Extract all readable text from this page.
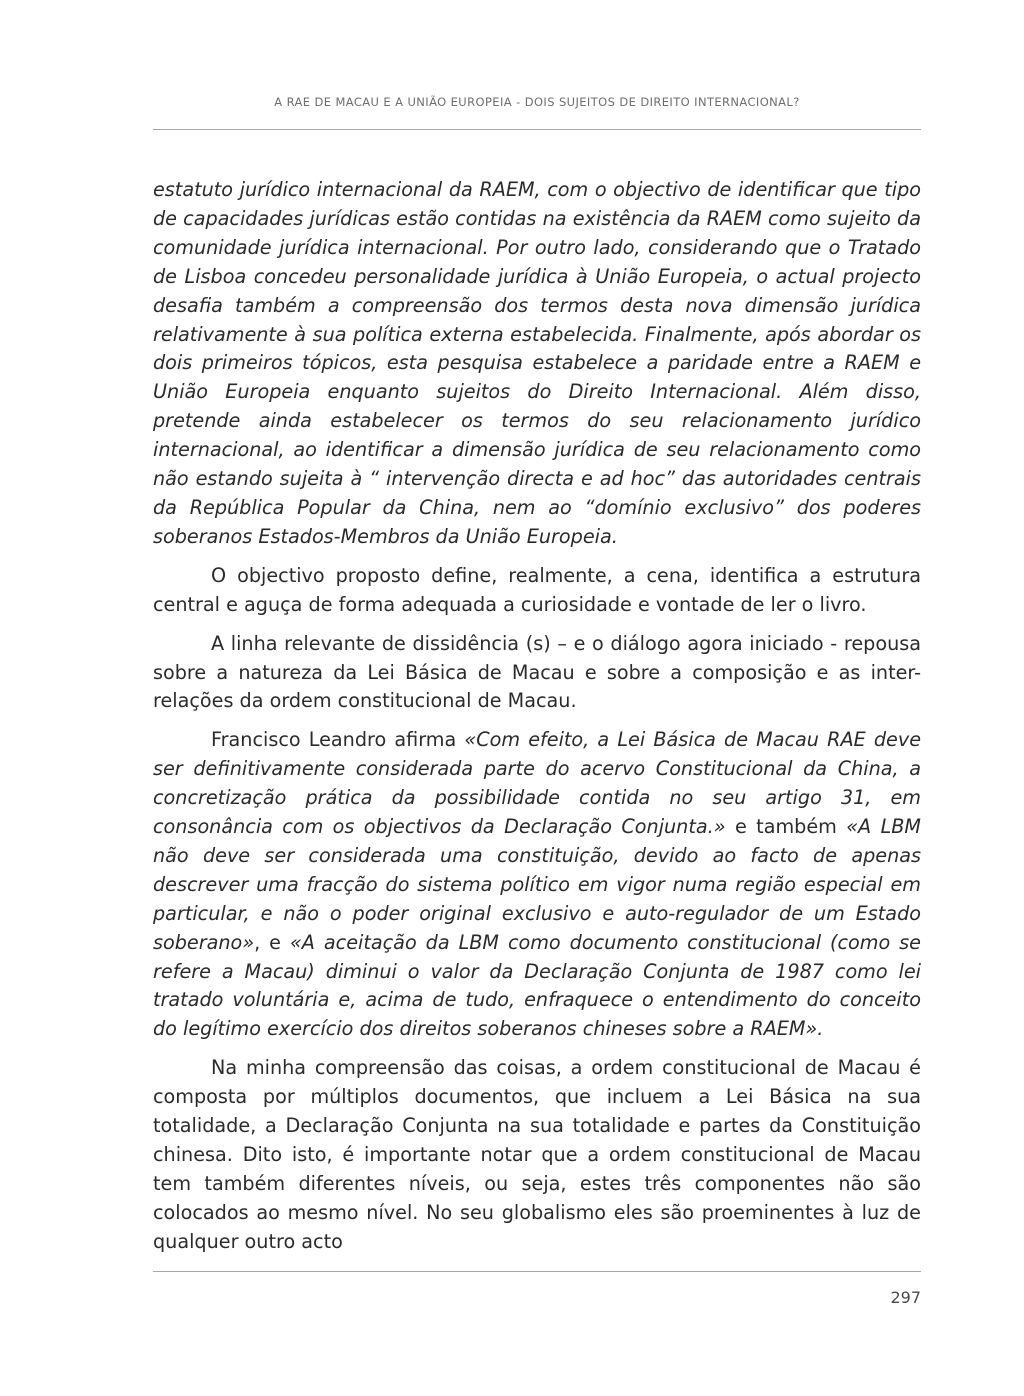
A RAE DE MACAU E A UNIÃO EUROPEIA - DOIS SUJEITOS DE DIREITO INTERNACIONAL?

estatuto jurídico internacional da RAEM, com o objectivo de identificar que tipo de capacidades jurídicas estão contidas na existência da RAEM como sujeito da comunidade jurídica internacional. Por outro lado, considerando que o Tratado de Lisboa concedeu personalidade jurídica à União Europeia, o actual projecto desafia também a compreensão dos termos desta nova dimensão jurídica relativamente à sua política externa estabelecida. Finalmente, após abordar os dois primeiros tópicos, esta pesquisa estabelece a paridade entre a RAEM e União Europeia enquanto sujeitos do Direito Internacional. Além disso, pretende ainda estabelecer os termos do seu relacionamento jurídico internacional, ao identificar a dimensão jurídica de seu relacionamento como não estando sujeita à “ intervenção directa e ad hoc” das autoridades centrais da República Popular da China, nem ao “domínio exclusivo” dos poderes soberanos Estados-Membros da União Europeia.

O objectivo proposto define, realmente, a cena, identifica a estrutura central e aguça de forma adequada a curiosidade e vontade de ler o livro.

A linha relevante de dissidência (s) – e o diálogo agora iniciado - repousa sobre a natureza da Lei Básica de Macau e sobre a composição e as inter-relações da ordem constitucional de Macau.

Francisco Leandro afirma «Com efeito, a Lei Básica de Macau RAE deve ser definitivamente considerada parte do acervo Constitucional da China, a concretização prática da possibilidade contida no seu artigo 31, em consonância com os objectivos da Declaração Conjunta.» e também «A LBM não deve ser considerada uma constituição, devido ao facto de apenas descrever uma fracção do sistema político em vigor numa região especial em particular, e não o poder original exclusivo e auto-regulador de um Estado soberano», e «A aceitação da LBM como documento constitucional (como se refere a Macau) diminui o valor da Declaração Conjunta de 1987 como lei tratado voluntária e, acima de tudo, enfraquece o entendimento do conceito do legítimo exercício dos direitos soberanos chineses sobre a RAEM».

Na minha compreensão das coisas, a ordem constitucional de Macau é composta por múltiplos documentos, que incluem a Lei Básica na sua totalidade, a Declaração Conjunta na sua totalidade e partes da Constituição chinesa. Dito isto, é importante notar que a ordem constitucional de Macau tem também diferentes níveis, ou seja, estes três componentes não são colocados ao mesmo nível. No seu globalismo eles são proeminentes à luz de qualquer outro acto

297
